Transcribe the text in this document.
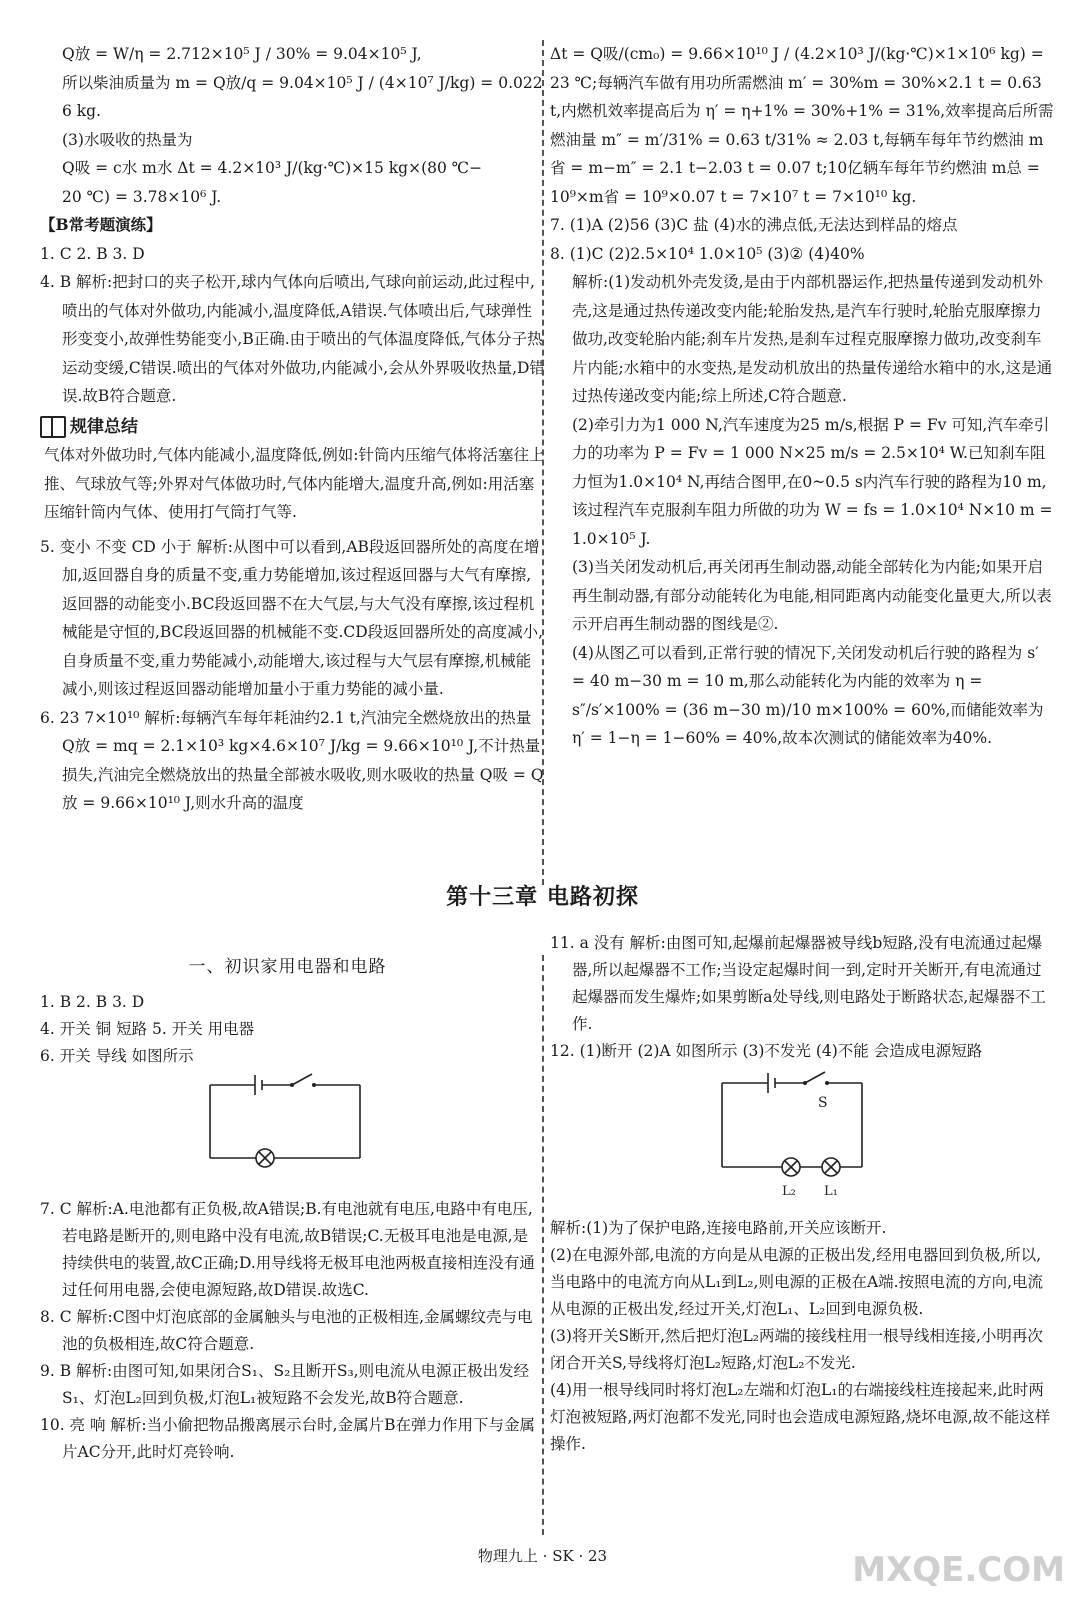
Q放 = W/η = 2.712×10⁵ J / 30% = 9.04×10⁵ J,

所以柴油质量为 m = Q放/q = 9.04×10⁵ J / (4×10⁷ J/kg) = 0.022 6 kg.

(3)水吸收的热量为

Q吸 = c水 m水 Δt = 4.2×10³ J/(kg·℃)×15 kg×(80 ℃−

20 ℃) = 3.78×10⁶ J.

【B常考题演练】

1. C 2. B 3. D

4. B 解析:把封口的夹子松开,球内气体向后喷出,气球向前运动,此过程中,喷出的气体对外做功,内能减小,温度降低,A错误.气体喷出后,气球弹性形变变小,故弹性势能变小,B正确.由于喷出的气体温度降低,气体分子热运动变缓,C错误.喷出的气体对外做功,内能减小,会从外界吸收热量,D错误.故B符合题意.

规律总结

气体对外做功时,气体内能减小,温度降低,例如:针筒内压缩气体将活塞往上推、气球放气等;外界对气体做功时,气体内能增大,温度升高,例如:用活塞压缩针筒内气体、使用打气筒打气等.

5. 变小 不变 CD 小于 解析:从图中可以看到,AB段返回器所处的高度在增加,返回器自身的质量不变,重力势能增加,该过程返回器与大气有摩擦,返回器的动能变小.BC段返回器不在大气层,与大气没有摩擦,该过程机械能是守恒的,BC段返回器的机械能不变.CD段返回器所处的高度减小,自身质量不变,重力势能减小,动能增大,该过程与大气层有摩擦,机械能减小,则该过程返回器动能增加量小于重力势能的减小量.

6. 23 7×10¹⁰ 解析:每辆汽车每年耗油约2.1 t,汽油完全燃烧放出的热量 Q放 = mq = 2.1×10³ kg×4.6×10⁷ J/kg = 9.66×10¹⁰ J,不计热量损失,汽油完全燃烧放出的热量全部被水吸收,则水吸收的热量 Q吸 = Q放 = 9.66×10¹⁰ J,则水升高的温度

Δt = Q吸/(cm₀) = 9.66×10¹⁰ J / (4.2×10³ J/(kg·℃)×1×10⁶ kg) = 23 ℃;每辆汽车做有用功所需燃油 m′ = 30%m = 30%×2.1 t = 0.63 t,内燃机效率提高后为 η′ = η+1% = 30%+1% = 31%,效率提高后所需燃油量 m″ = m′/31% = 0.63 t/31% ≈ 2.03 t,每辆车每年节约燃油 m省 = m−m″ = 2.1 t−2.03 t = 0.07 t;10亿辆车每年节约燃油 m总 = 10⁹×m省 = 10⁹×0.07 t = 7×10⁷ t = 7×10¹⁰ kg.

7. (1)A (2)56 (3)C 盐 (4)水的沸点低,无法达到样品的熔点

8. (1)C (2)2.5×10⁴ 1.0×10⁵ (3)② (4)40%

解析:(1)发动机外壳发烫,是由于内部机器运作,把热量传递到发动机外壳,这是通过热传递改变内能;轮胎发热,是汽车行驶时,轮胎克服摩擦力做功,改变轮胎内能;刹车片发热,是刹车过程克服摩擦力做功,改变刹车片内能;水箱中的水变热,是发动机放出的热量传递给水箱中的水,这是通过热传递改变内能;综上所述,C符合题意.

(2)牵引力为1 000 N,汽车速度为25 m/s,根据 P = Fv 可知,汽车牵引力的功率为 P = Fv = 1 000 N×25 m/s = 2.5×10⁴ W.已知刹车阻力恒为1.0×10⁴ N,再结合图甲,在0~0.5 s内汽车行驶的路程为10 m,该过程汽车克服刹车阻力所做的功为 W = fs = 1.0×10⁴ N×10 m = 1.0×10⁵ J.

(3)当关闭发动机后,再关闭再生制动器,动能全部转化为内能;如果开启再生制动器,有部分动能转化为电能,相同距离内动能变化量更大,所以表示开启再生制动器的图线是②.

(4)从图乙可以看到,正常行驶的情况下,关闭发动机后行驶的路程为 s′ = 40 m−30 m = 10 m,那么动能转化为内能的效率为 η = s″/s′×100% = (36 m−30 m)/10 m×100% = 60%,而储能效率为 η′ = 1−η = 1−60% = 40%,故本次测试的储能效率为40%.

第十三章 电路初探

一、初识家用电器和电路

1. B 2. B 3. D

4. 开关 铜 短路 5. 开关 用电器

6. 开关 导线 如图所示

7. C 解析:A.电池都有正负极,故A错误;B.有电池就有电压,电路中有电压,若电路是断开的,则电路中没有电流,故B错误;C.无极耳电池是电源,是持续供电的装置,故C正确;D.用导线将无极耳电池两极直接相连没有通过任何用电器,会使电源短路,故D错误.故选C.

8. C 解析:C图中灯泡底部的金属触头与电池的正极相连,金属螺纹壳与电池的负极相连,故C符合题意.

9. B 解析:由图可知,如果闭合S₁、S₂且断开S₃,则电流从电源正极出发经S₁、灯泡L₂回到负极,灯泡L₁被短路不会发光,故B符合题意.

10. 亮 响 解析:当小偷把物品搬离展示台时,金属片B在弹力作用下与金属片AC分开,此时灯亮铃响.

11. a 没有 解析:由图可知,起爆前起爆器被导线b短路,没有电流通过起爆器,所以起爆器不工作;当设定起爆时间一到,定时开关断开,有电流通过起爆器而发生爆炸;如果剪断a处导线,则电路处于断路状态,起爆器不工作.

12. (1)断开 (2)A 如图所示 (3)不发光 (4)不能 会造成电源短路

S
L₂ L₁

解析:(1)为了保护电路,连接电路前,开关应该断开.

(2)在电源外部,电流的方向是从电源的正极出发,经用电器回到负极,所以,当电路中的电流方向从L₁到L₂,则电源的正极在A端.按照电流的方向,电流从电源的正极出发,经过开关,灯泡L₁、L₂回到电源负极.

(3)将开关S断开,然后把灯泡L₂两端的接线柱用一根导线相连接,小明再次闭合开关S,导线将灯泡L₂短路,灯泡L₂不发光.

(4)用一根导线同时将灯泡L₂左端和灯泡L₁的右端接线柱连接起来,此时两灯泡被短路,两灯泡都不发光,同时也会造成电源短路,烧坏电源,故不能这样操作.

物理九上 · SK · 23	MXQE.COM
